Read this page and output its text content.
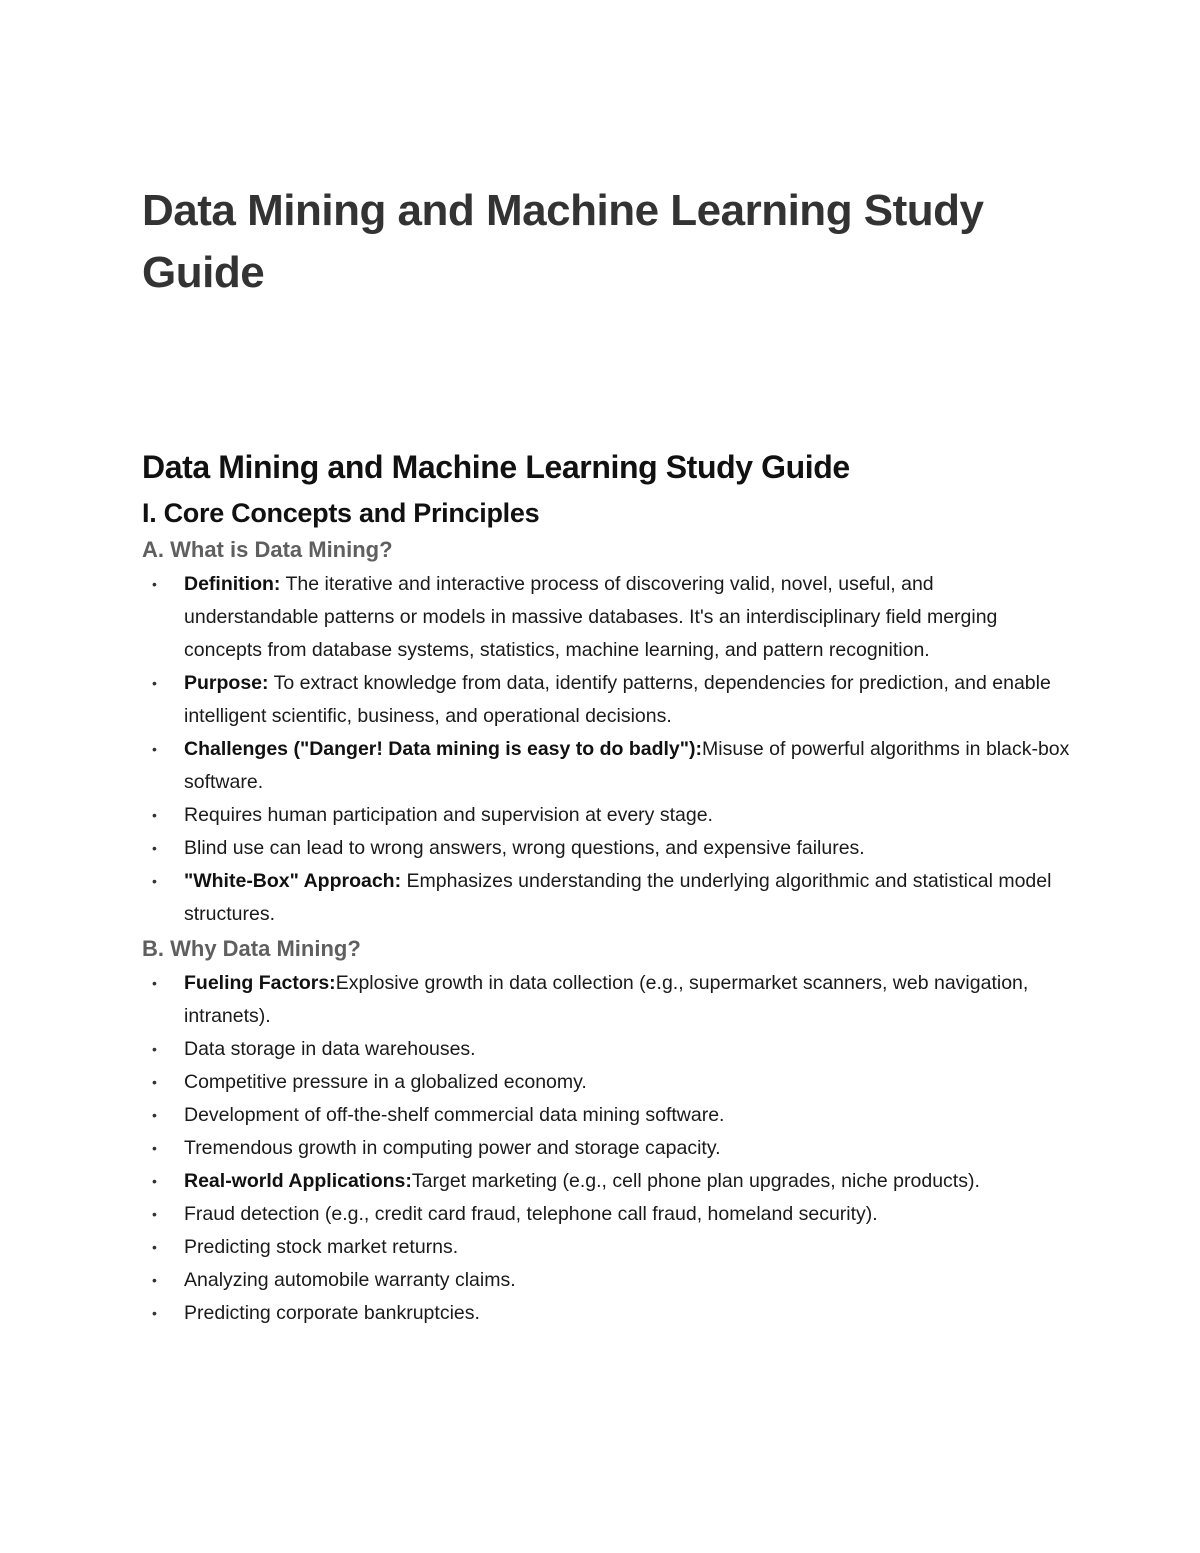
Data Mining and Machine Learning Study Guide
Data Mining and Machine Learning Study Guide
I. Core Concepts and Principles
A. What is Data Mining?
• Definition: The iterative and interactive process of discovering valid, novel, useful, and understandable patterns or models in massive databases. It's an interdisciplinary field merging concepts from database systems, statistics, machine learning, and pattern recognition.
• Purpose: To extract knowledge from data, identify patterns, dependencies for prediction, and enable intelligent scientific, business, and operational decisions.
• Challenges ("Danger! Data mining is easy to do badly"):Misuse of powerful algorithms in black-box software.
• Requires human participation and supervision at every stage.
• Blind use can lead to wrong answers, wrong questions, and expensive failures.
• "White-Box" Approach: Emphasizes understanding the underlying algorithmic and statistical model structures.
B. Why Data Mining?
• Fueling Factors:Explosive growth in data collection (e.g., supermarket scanners, web navigation, intranets).
• Data storage in data warehouses.
• Competitive pressure in a globalized economy.
• Development of off-the-shelf commercial data mining software.
• Tremendous growth in computing power and storage capacity.
• Real-world Applications:Target marketing (e.g., cell phone plan upgrades, niche products).
• Fraud detection (e.g., credit card fraud, telephone call fraud, homeland security).
• Predicting stock market returns.
• Analyzing automobile warranty claims.
• Predicting corporate bankruptcies.
